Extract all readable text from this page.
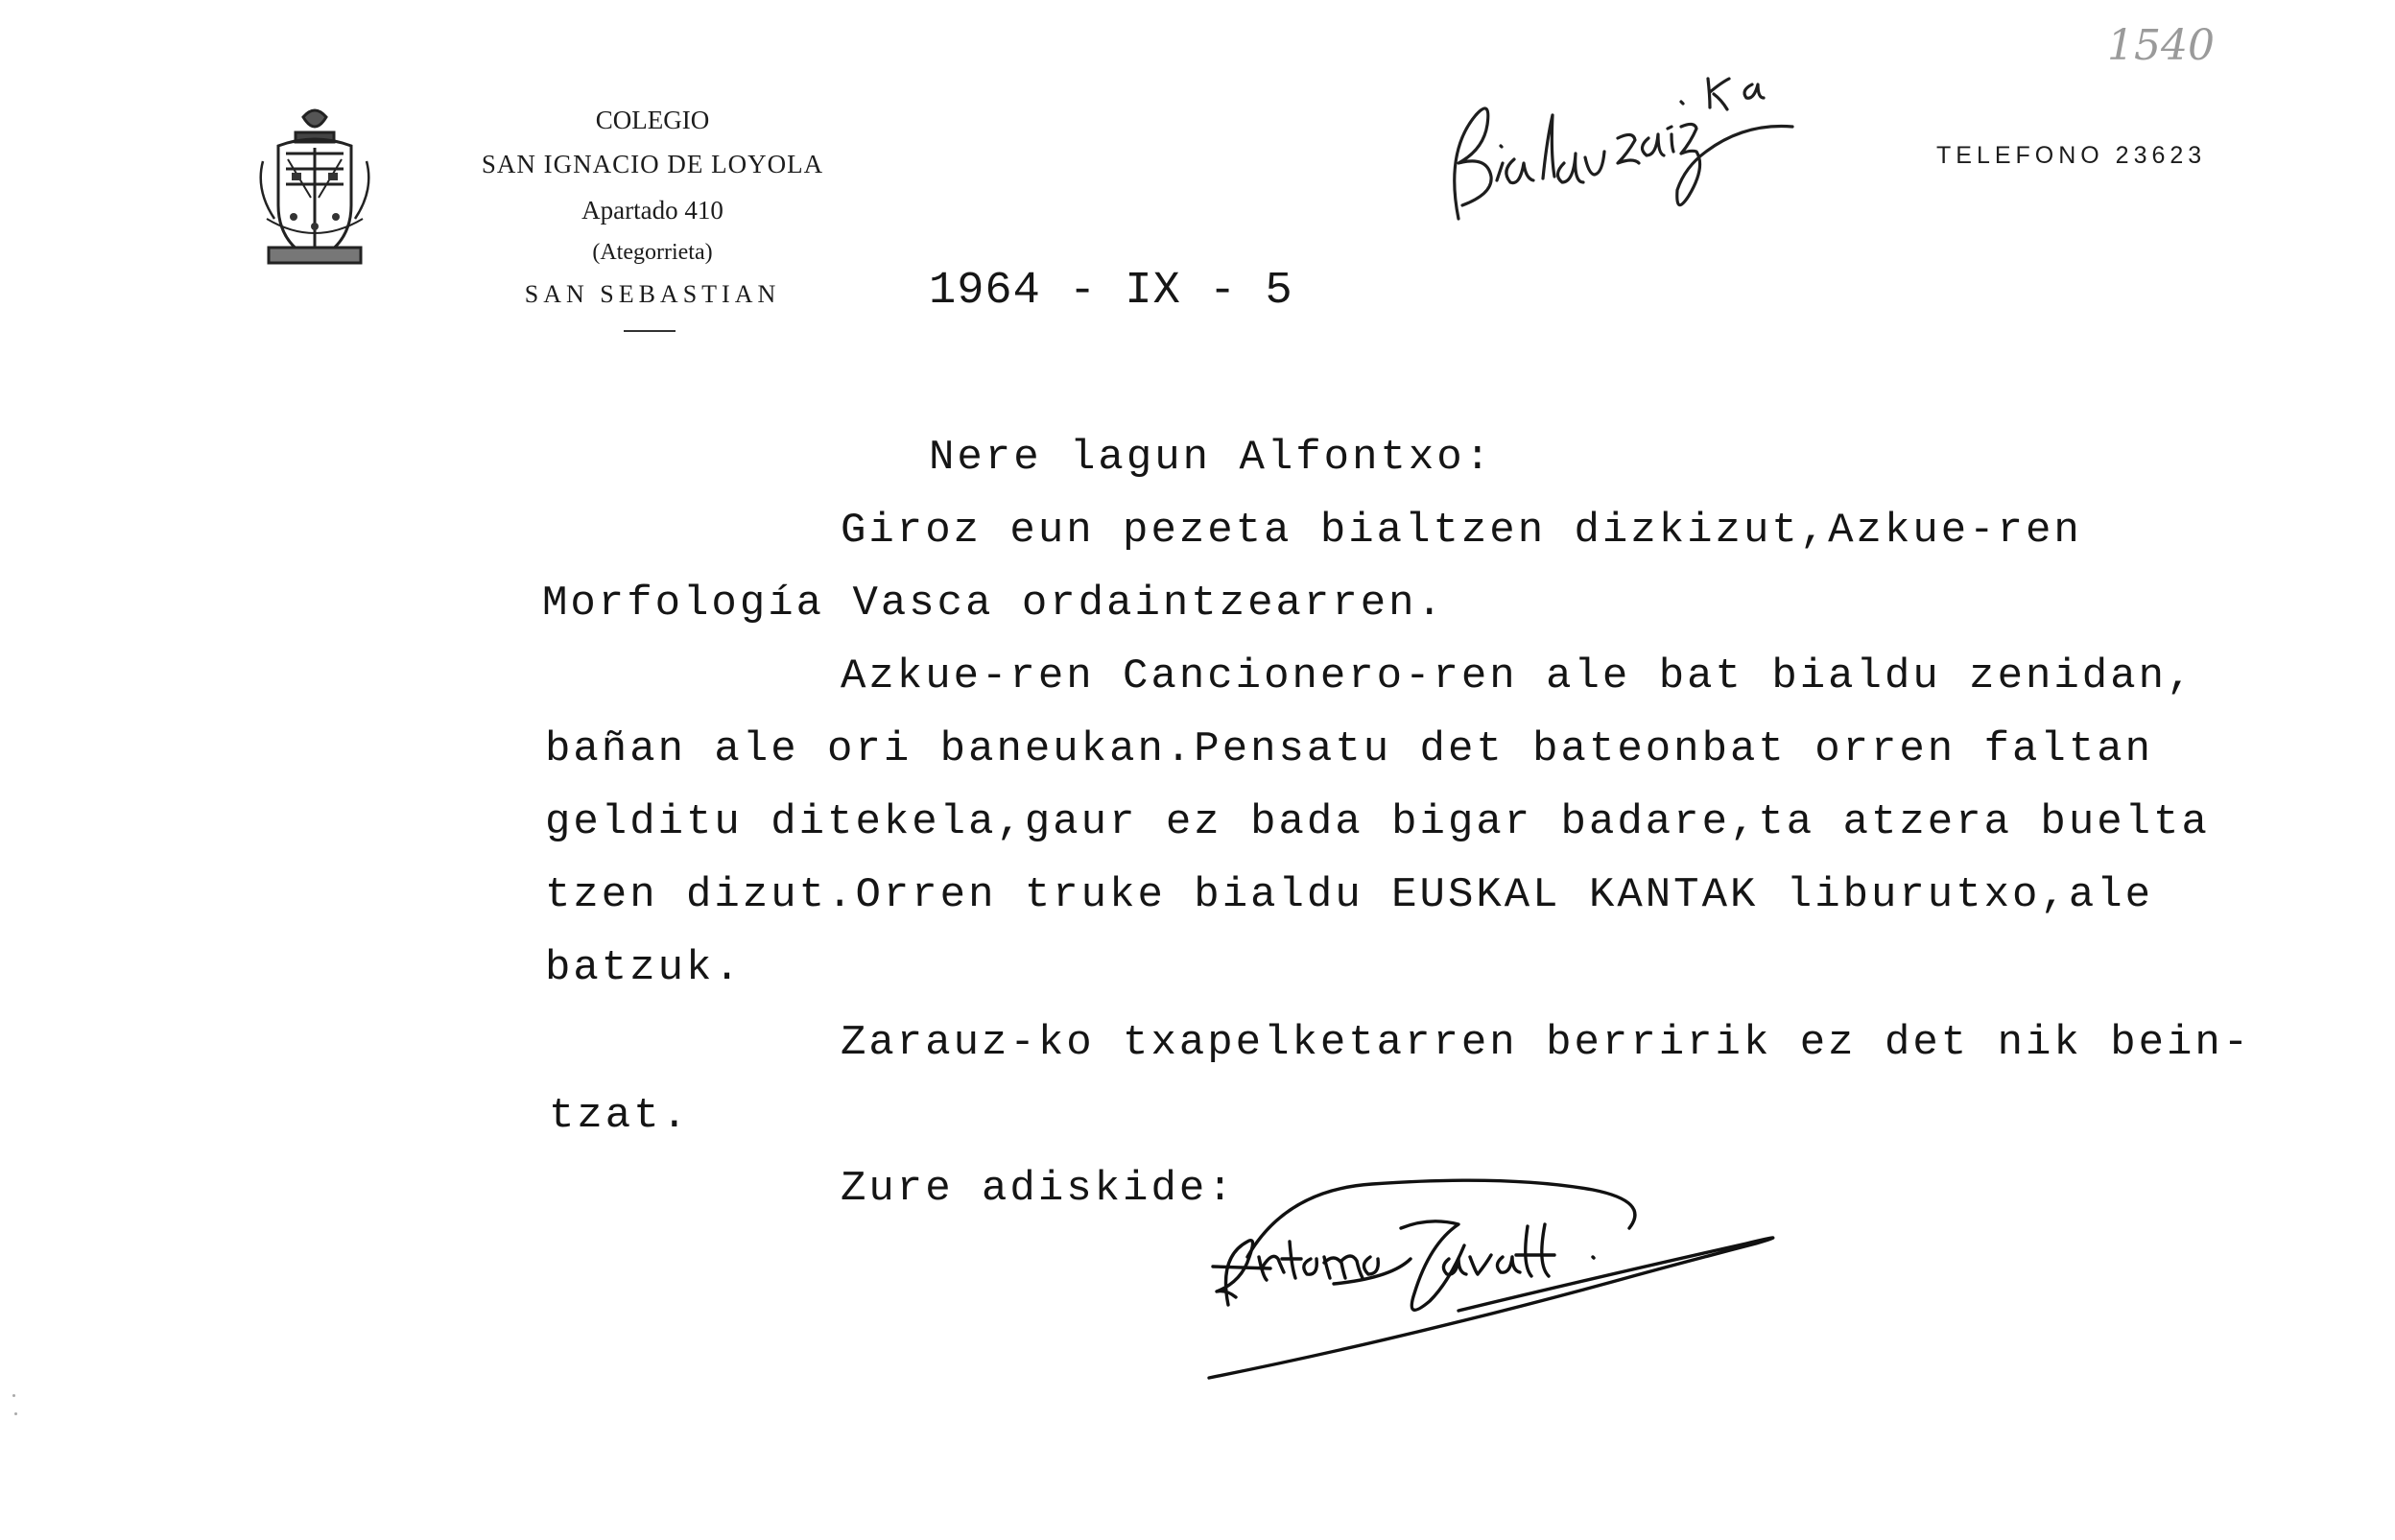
COLEGIO
SAN IGNACIO DE LOYOLA
Apartado 410
(Ategorrieta)
SAN SEBASTIAN
TELEFONO 23623
1540
1964 - IX - 5
Nere lagun Alfontxo:
Giroz eun pezeta bialtzen dizkizut,Azkue-ren
Morfología Vasca ordaintzearren.
Azkue-ren Cancionero-ren ale bat bialdu zenidan,
bañan ale ori baneukan.Pensatu det bateonbat orren faltan
gelditu ditekela,gaur ez bada bigar badare,ta atzera buelta
tzen dizut.Orren truke bialdu EUSKAL KANTAK liburutxo,ale
batzuk.
Zarauz-ko txapelketarren berririk ez det nik bein-
tzat.
Zure adiskide:
